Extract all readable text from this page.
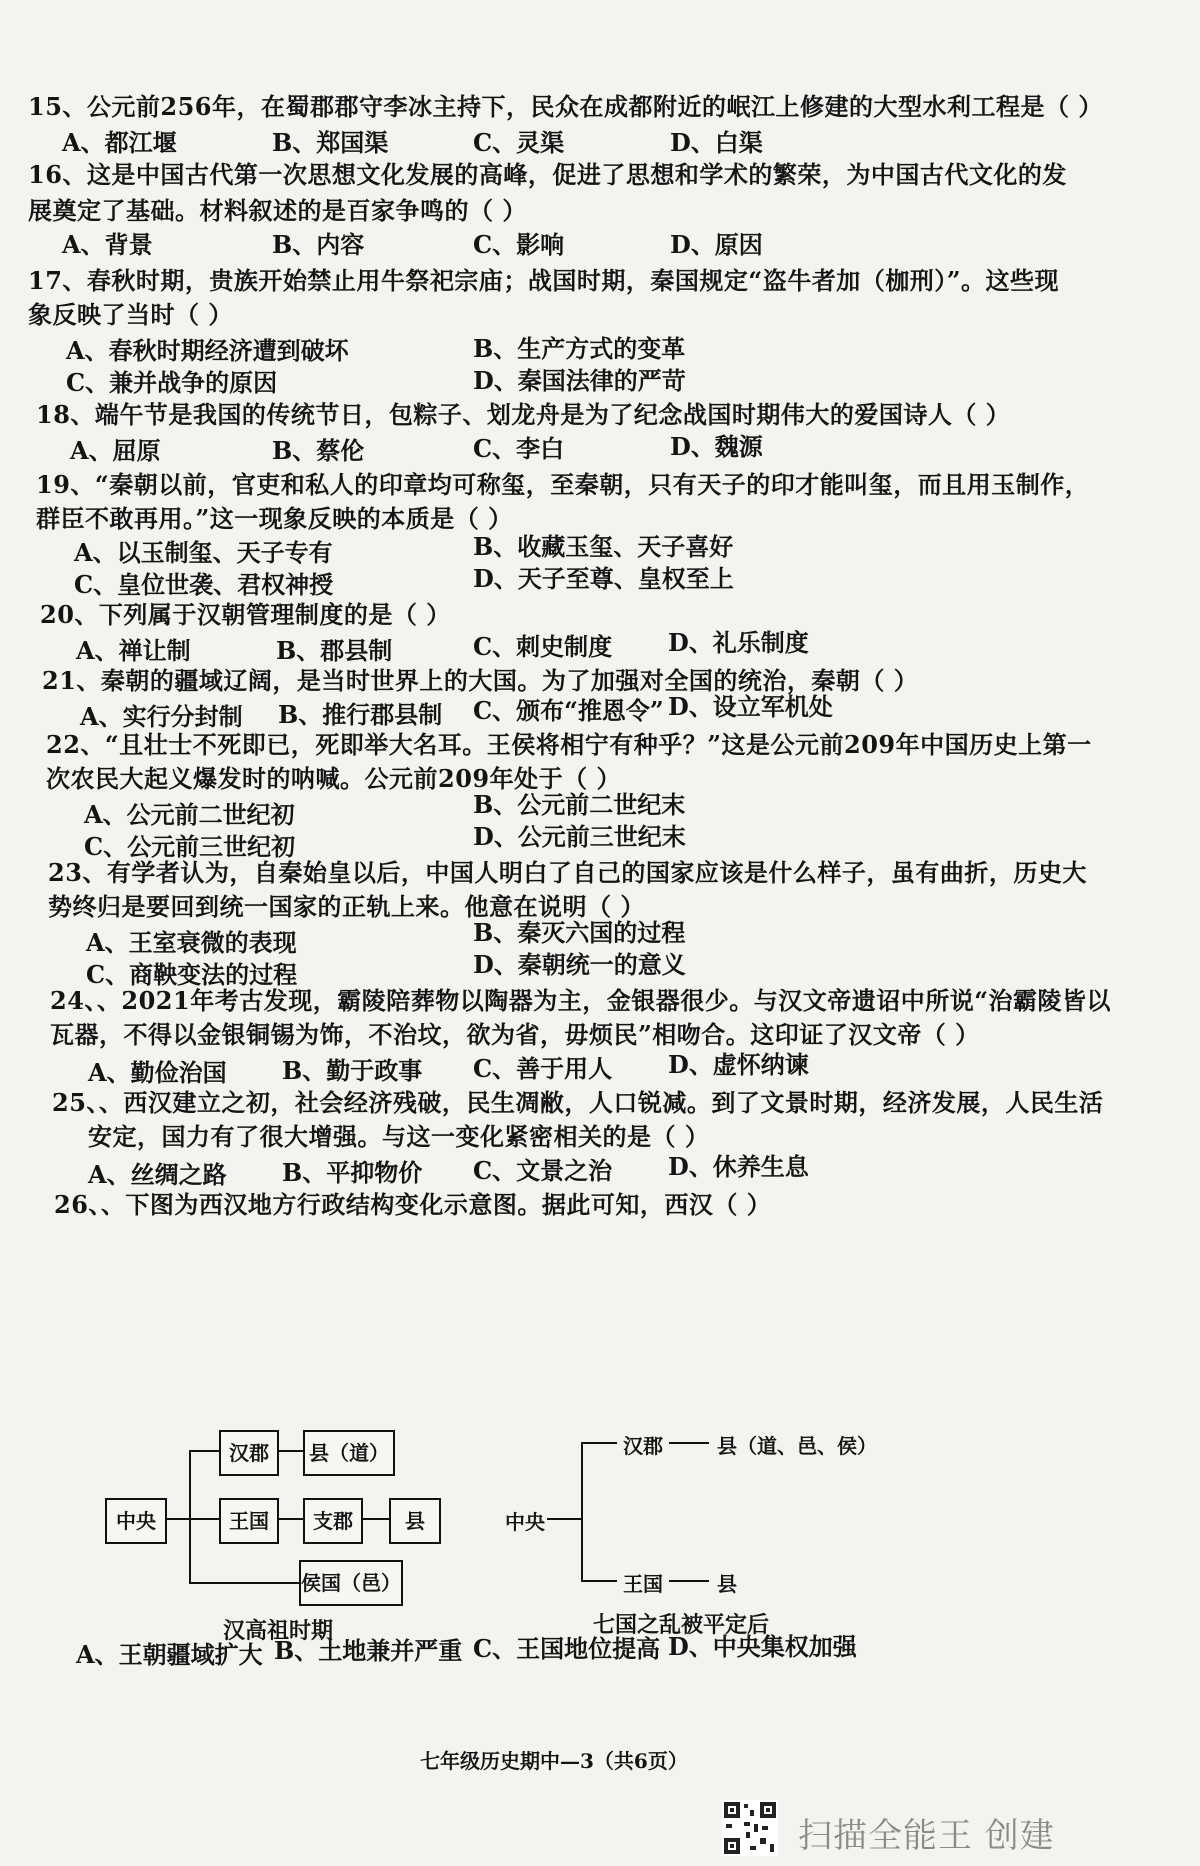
15、公元前256年，在蜀郡郡守李冰主持下，民众在成都附近的岷江上修建的大型水利工程是（ ）
A、都江堰	B、郑国渠	C、灵渠	D、白渠
16、这是中国古代第一次思想文化发展的高峰，促进了思想和学术的繁荣，为中国古代文化的发
展奠定了基础。材料叙述的是百家争鸣的（ ）
A、背景	B、内容	C、影响	D、原因
17、春秋时期，贵族开始禁止用牛祭祀宗庙；战国时期，秦国规定“盗牛者加（枷刑）”。这些现
象反映了当时（ ）
A、春秋时期经济遭到破坏	B、生产方式的变革
C、兼并战争的原因	D、秦国法律的严苛
18、端午节是我国的传统节日，包粽子、划龙舟是为了纪念战国时期伟大的爱国诗人（ ）
A、屈原	B、蔡伦	C、李白	D、魏源
19、“秦朝以前，官吏和私人的印章均可称玺，至秦朝，只有天子的印才能叫玺，而且用玉制作，
群臣不敢再用。”这一现象反映的本质是（ ）
A、以玉制玺、天子专有	B、收藏玉玺、天子喜好
C、皇位世袭、君权神授	D、天子至尊、皇权至上
20、下列属于汉朝管理制度的是（ ）
A、禅让制	B、郡县制	C、刺史制度 D、礼乐制度
21、秦朝的疆域辽阔，是当时世界上的大国。为了加强对全国的统治，秦朝（ ）
A、实行分封制 B、推行郡县制 C、颁布“推恩令” D、设立军机处
22、“且壮士不死即已，死即举大名耳。王侯将相宁有种乎？”这是公元前209年中国历史上第一
次农民大起义爆发时的呐喊。公元前209年处于（ ）
A、公元前二世纪初	B、公元前二世纪末
C、公元前三世纪初	D、公元前三世纪末
23、有学者认为，自秦始皇以后，中国人明白了自己的国家应该是什么样子，虽有曲折，历史大
势终归是要回到统一国家的正轨上来。他意在说明（ ）
A、王室衰微的表现	B、秦灭六国的过程
C、商鞅变法的过程	D、秦朝统一的意义
24、、2021年考古发现，霸陵陪葬物以陶器为主，金银器很少。与汉文帝遗诏中所说“治霸陵皆以
瓦器，不得以金银铜锡为饰，不治坟，欲为省，毋烦民”相吻合。这印证了汉文帝（ ）
A、勤俭治国 B、勤于政事 C、善于用人 D、虚怀纳谏
25、、西汉建立之初，社会经济残破，民生凋敝，人口锐减。到了文景时期，经济发展，人民生活
安定，国力有了很大增强。与这一变化紧密相关的是（ ）
A、丝绸之路 B、平抑物价 C、文景之治 D、休养生息
26、、下图为西汉地方行政结构变化示意图。据此可知，西汉（ ）
中央
汉郡	县（道）
王国	支郡	县
侯国（邑）
汉高祖时期
中央
汉郡	县（道、邑、侯）
王国	县
七国之乱被平定后
A、王朝疆域扩大 B、土地兼并严重 C、王国地位提高 D、中央集权加强
七年级历史期中—3（共6页）
扫描全能王 创建
